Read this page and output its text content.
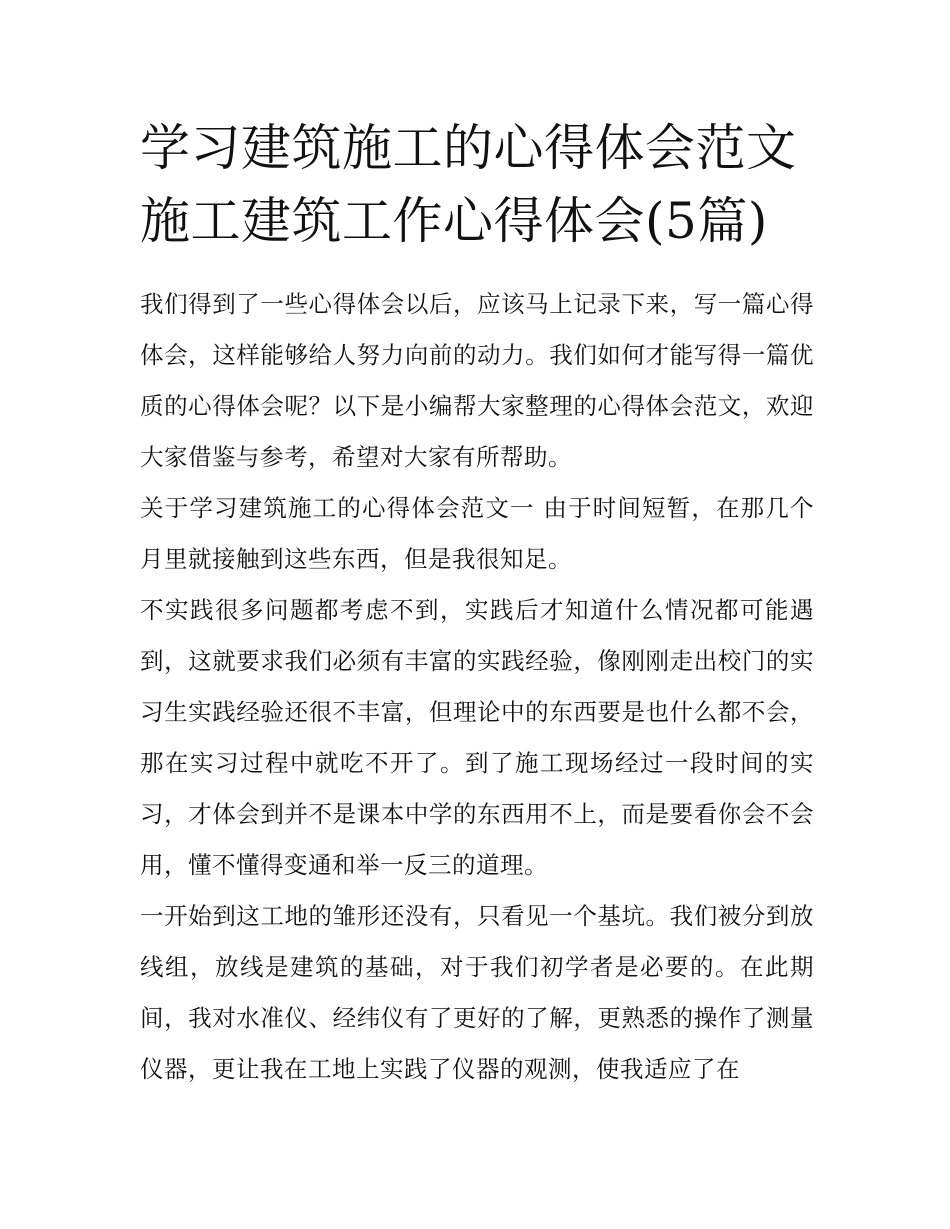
学习建筑施工的心得体会范文
施工建筑工作心得体会(5篇)

我们得到了一些心得体会以后，应该马上记录下来，写一篇心得体会，这样能够给人努力向前的动力。我们如何才能写得一篇优质的心得体会呢？以下是小编帮大家整理的心得体会范文，欢迎大家借鉴与参考，希望对大家有所帮助。

关于学习建筑施工的心得体会范文一 由于时间短暂，在那几个月里就接触到这些东西，但是我很知足。

不实践很多问题都考虑不到，实践后才知道什么情况都可能遇到，这就要求我们必须有丰富的实践经验，像刚刚走出校门的实习生实践经验还很不丰富，但理论中的东西要是也什么都不会，那在实习过程中就吃不开了。到了施工现场经过一段时间的实习，才体会到并不是课本中学的东西用不上，而是要看你会不会用，懂不懂得变通和举一反三的道理。

一开始到这工地的雏形还没有，只看见一个基坑。我们被分到放线组，放线是建筑的基础，对于我们初学者是必要的。在此期间，我对水准仪、经纬仪有了更好的了解，更熟悉的操作了测量仪器，更让我在工地上实践了仪器的观测，使我适应了在
